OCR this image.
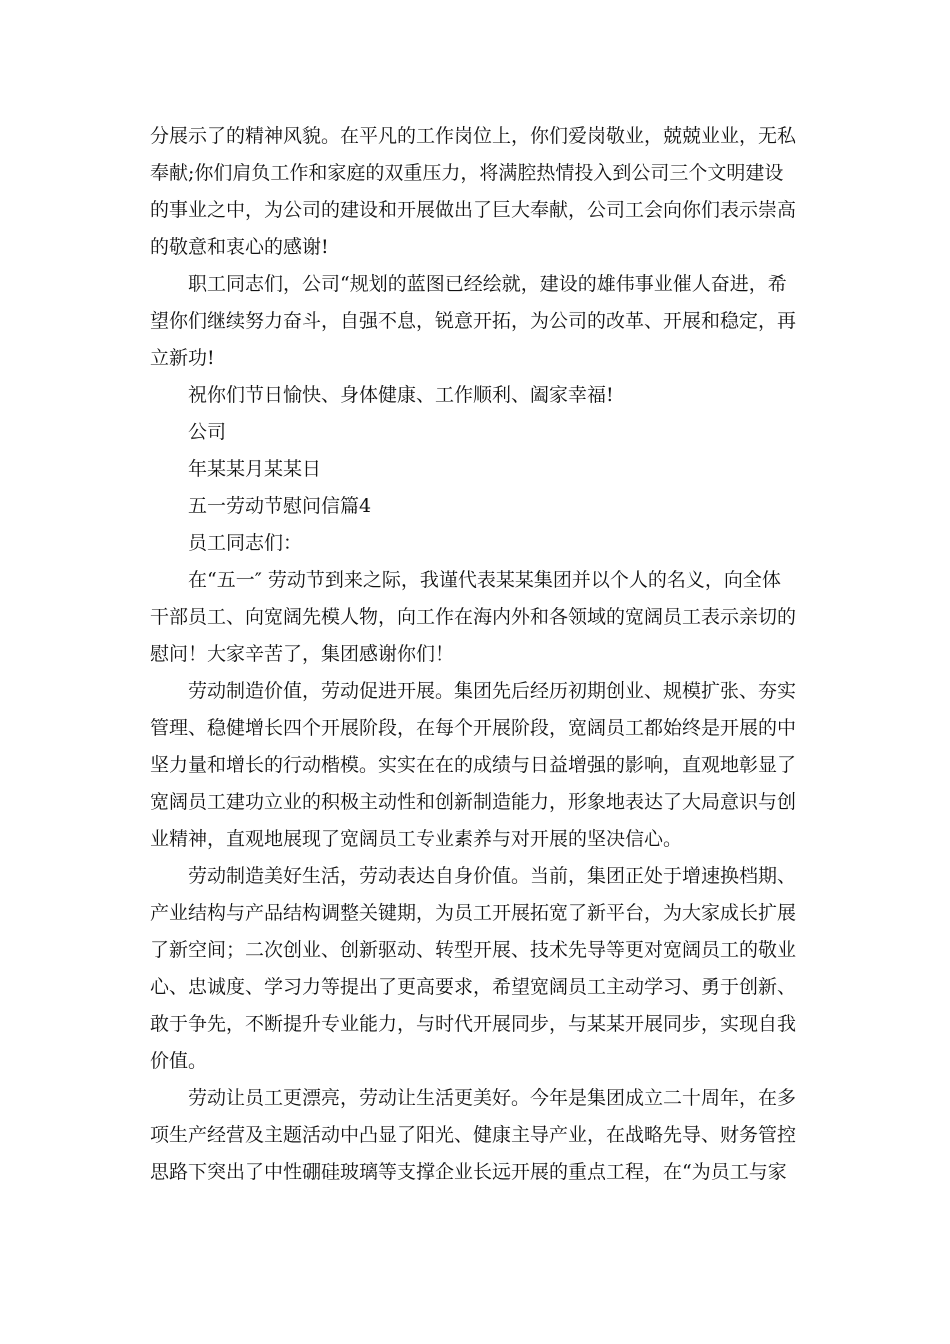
分展示了的精神风貌。在平凡的工作岗位上，你们爱岗敬业，兢兢业业，无私
奉献;你们肩负工作和家庭的双重压力，将满腔热情投入到公司三个文明建设
的事业之中，为公司的建设和开展做出了巨大奉献，公司工会向你们表示崇高
的敬意和衷心的感谢!
职工同志们，公司“规划的蓝图已经绘就，建设的雄伟事业催人奋进，希
望你们继续努力奋斗，自强不息，锐意开拓，为公司的改革、开展和稳定，再
立新功!
祝你们节日愉快、身体健康、工作顺利、阖家幸福!
公司
年某某月某某日
五一劳动节慰问信篇4
员工同志们：
在“五一″ 劳动节到来之际，我谨代表某某集团并以个人的名义，向全体
干部员工、向宽阔先模人物，向工作在海内外和各领域的宽阔员工表示亲切的
慰问！大家辛苦了，集团感谢你们！
劳动制造价值，劳动促进开展。集团先后经历初期创业、规模扩张、夯实
管理、稳健增长四个开展阶段，在每个开展阶段，宽阔员工都始终是开展的中
坚力量和增长的行动楷模。实实在在的成绩与日益增强的影响，直观地彰显了
宽阔员工建功立业的积极主动性和创新制造能力，形象地表达了大局意识与创
业精神，直观地展现了宽阔员工专业素养与对开展的坚决信心。
劳动制造美好生活，劳动表达自身价值。当前，集团正处于增速换档期、
产业结构与产品结构调整关键期，为员工开展拓宽了新平台，为大家成长扩展
了新空间；二次创业、创新驱动、转型开展、技术先导等更对宽阔员工的敬业
心、忠诚度、学习力等提出了更高要求，希望宽阔员工主动学习、勇于创新、
敢于争先，不断提升专业能力，与时代开展同步，与某某开展同步，实现自我
价值。
劳动让员工更漂亮，劳动让生活更美好。今年是集团成立二十周年，在多
项生产经营及主题活动中凸显了阳光、健康主导产业，在战略先导、财务管控
思路下突出了中性硼硅玻璃等支撑企业长远开展的重点工程，在“为员工与家
